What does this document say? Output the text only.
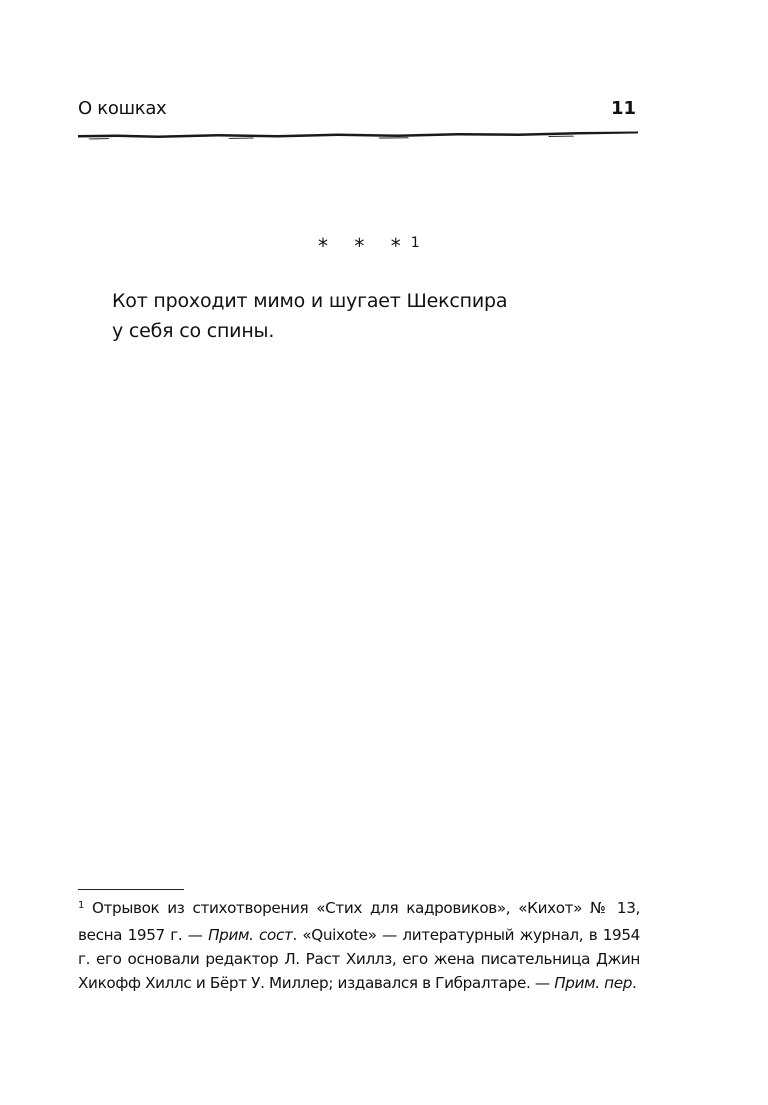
О кошках	11
* * *$^1$
Кот проходит мимо и шугает Шекспира
у себя со спины.
$^1$ Отрывок из стихотворения «Стих для кадровиков», «Кихот» № 13, весна 1957 г. — Прим. сост. «Quixote» — литературный журнал, в 1954 г. его основали редактор Л. Раст Хиллз, его жена писательница Джин Хикофф Хиллс и Бёрт У. Миллер; издавался в Гибралтаре. — Прим. пер.
